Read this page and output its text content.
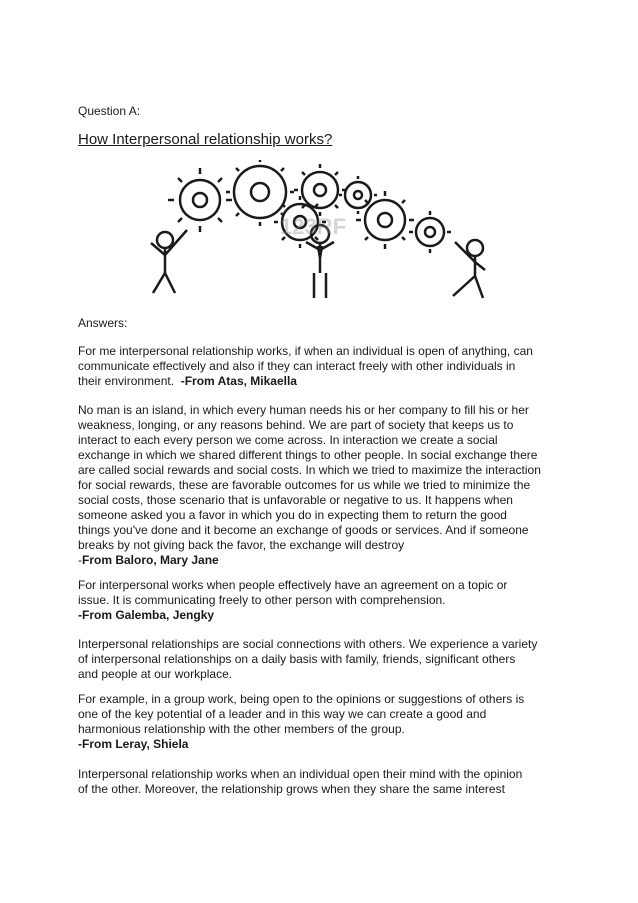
Question A:
How Interpersonal relationship works?
123RF
Answers:
For me interpersonal relationship works, if when an individual is open of anything, can
communicate effectively and also if they can interact freely with other individuals in
their environment. -From Atas, Mikaella
No man is an island, in which every human needs his or her company to fill his or her
weakness, longing, or any reasons behind. We are part of society that keeps us to
interact to each every person we come across. In interaction we create a social
exchange in which we shared different things to other people. In social exchange there
are called social rewards and social costs. In which we tried to maximize the interaction
for social rewards, these are favorable outcomes for us while we tried to minimize the
social costs, those scenario that is unfavorable or negative to us. It happens when
someone asked you a favor in which you do in expecting them to return the good
things you've done and it become an exchange of goods or services. And if someone
breaks by not giving back the favor, the exchange will destroy
-From Baloro, Mary Jane
For interpersonal works when people effectively have an agreement on a topic or
issue. It is communicating freely to other person with comprehension.
-From Galemba, Jengky
Interpersonal relationships are social connections with others. We experience a variety
of interpersonal relationships on a daily basis with family, friends, significant others
and people at our workplace.
For example, in a group work, being open to the opinions or suggestions of others is
one of the key potential of a leader and in this way we can create a good and
harmonious relationship with the other members of the group.
-From Leray, Shiela
Interpersonal relationship works when an individual open their mind with the opinion
of the other. Moreover, the relationship grows when they share the same interest
